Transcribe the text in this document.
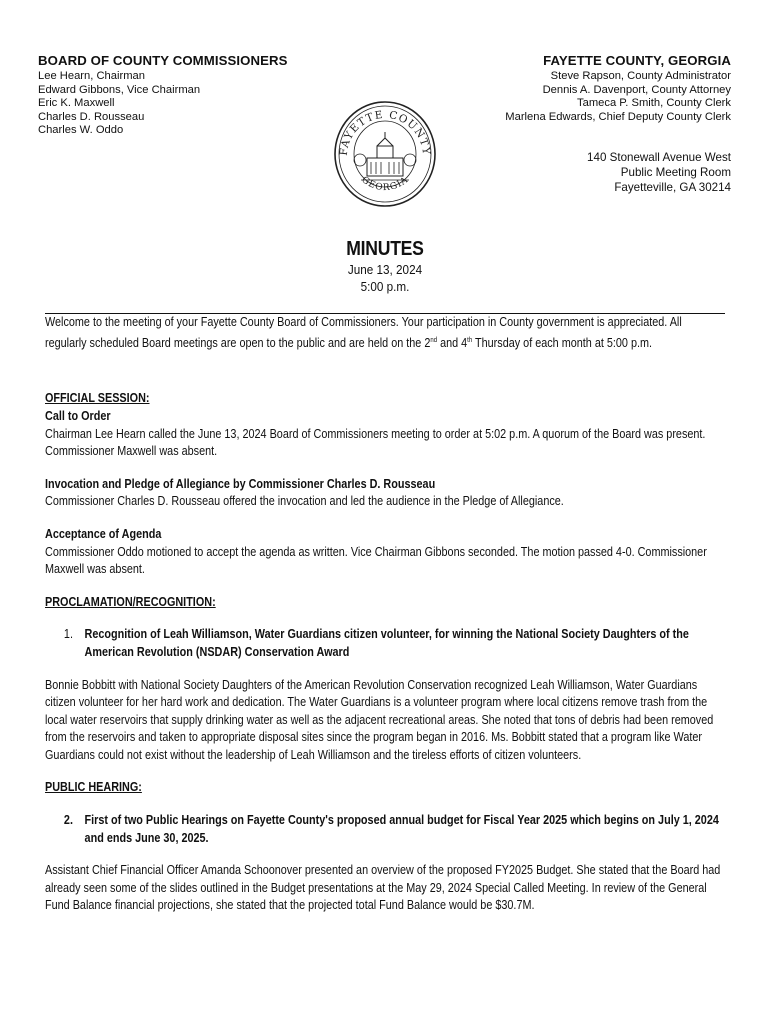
BOARD OF COUNTY COMMISSIONERS
Lee Hearn, Chairman
Edward Gibbons, Vice Chairman
Eric K. Maxwell
Charles D. Rousseau
Charles W. Oddo
FAYETTE COUNTY, GEORGIA
Steve Rapson, County Administrator
Dennis A. Davenport, County Attorney
Tameca P. Smith, County Clerk
Marlena Edwards, Chief Deputy County Clerk
140 Stonewall Avenue West
Public Meeting Room
Fayetteville, GA 30214
FAYETTE COUNTY
GEORGIA
MINUTES
June 13, 2024
5:00 p.m.

Welcome to the meeting of your Fayette County Board of Commissioners. Your participation in County government is appreciated. All regularly scheduled Board meetings are open to the public and are held on the 2nd and 4th Thursday of each month at 5:00 p.m.

OFFICIAL SESSION:

Call to Order

Chairman Lee Hearn called the June 13, 2024 Board of Commissioners meeting to order at 5:02 p.m. A quorum of the Board was present. Commissioner Maxwell was absent.

Invocation and Pledge of Allegiance by Commissioner Charles D. Rousseau

Commissioner Charles D. Rousseau offered the invocation and led the audience in the Pledge of Allegiance.

Acceptance of Agenda

Commissioner Oddo motioned to accept the agenda as written. Vice Chairman Gibbons seconded. The motion passed 4-0. Commissioner Maxwell was absent.

PROCLAMATION/RECOGNITION:

1. Recognition of Leah Williamson, Water Guardians citizen volunteer, for winning the National Society Daughters of the American Revolution (NSDAR) Conservation Award

Bonnie Bobbitt with National Society Daughters of the American Revolution Conservation recognized Leah Williamson, Water Guardians citizen volunteer for her hard work and dedication. The Water Guardians is a volunteer program where local citizens remove trash from the local water reservoirs that supply drinking water as well as the adjacent recreational areas. She noted that tons of debris had been removed from the reservoirs and taken to appropriate disposal sites since the program began in 2016. Ms. Bobbitt stated that a program like Water Guardians could not exist without the leadership of Leah Williamson and the tireless efforts of citizen volunteers.

PUBLIC HEARING:

2. First of two Public Hearings on Fayette County's proposed annual budget for Fiscal Year 2025 which begins on July 1, 2024 and ends June 30, 2025.

Assistant Chief Financial Officer Amanda Schoonover presented an overview of the proposed FY2025 Budget. She stated that the Board had already seen some of the slides outlined in the Budget presentations at the May 29, 2024 Special Called Meeting. In review of the General Fund Balance financial projections, she stated that the projected total Fund Balance would be $30.7M.
